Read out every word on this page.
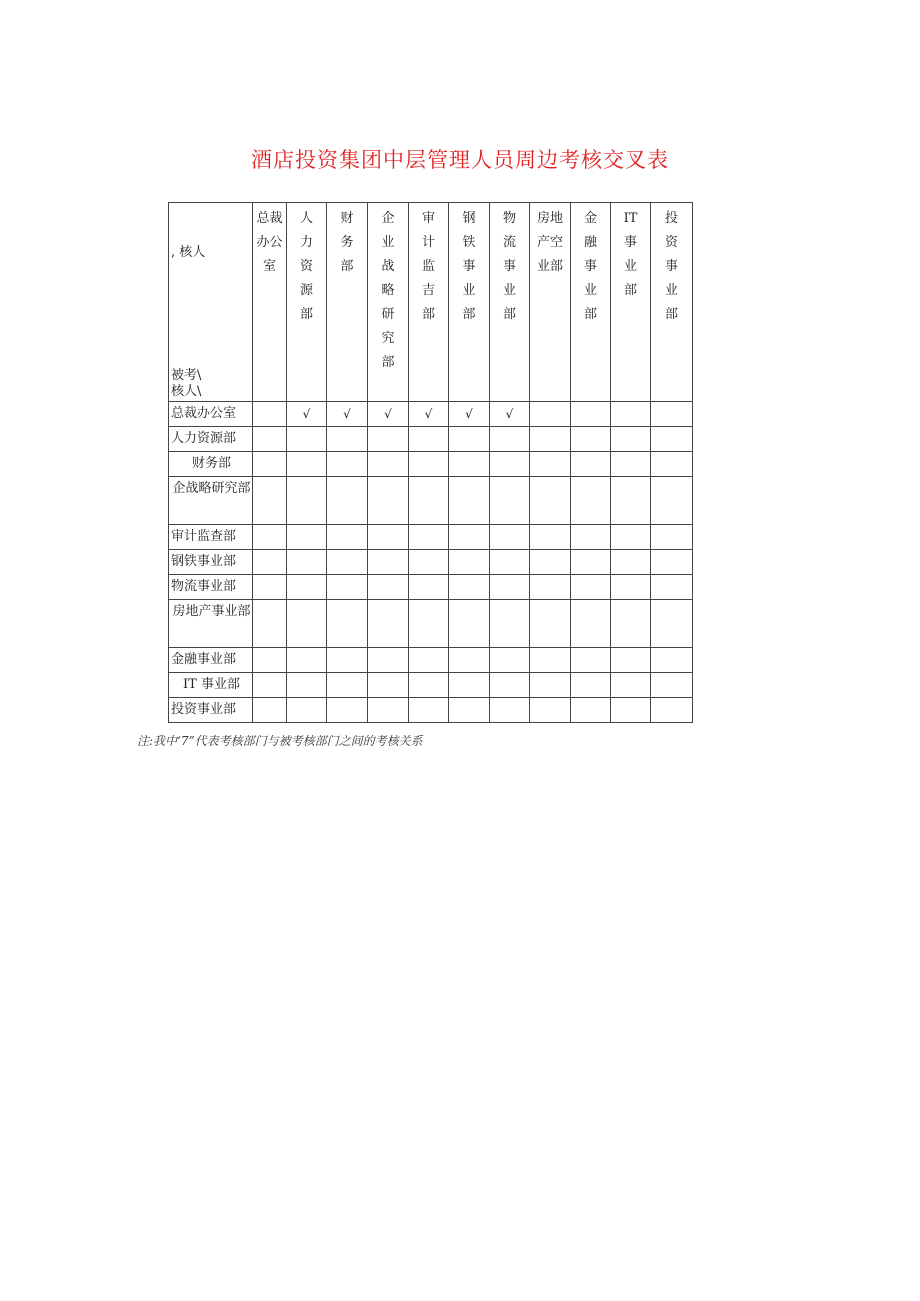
酒店投资集团中层管理人员周边考核交叉表
, 核人
被考\
核人\	总裁办公室	人力资源部	财务部	企业战略研究部	审计监吉部	钢铁事业部	物流事业部	房地产空业部	金融事业部	IT事业部	投资事业部
总裁办公室		√	√	√	√	√	√				
人力资源部											
财务部											
企战略研究部											
审计监查部											
钢铁事业部											
物流事业部											
房地产事业部											
金融事业部											
IT 事业部											
投资事业部											
注:我中‘7”代表考核部门与被考核部门之间的考核关系
